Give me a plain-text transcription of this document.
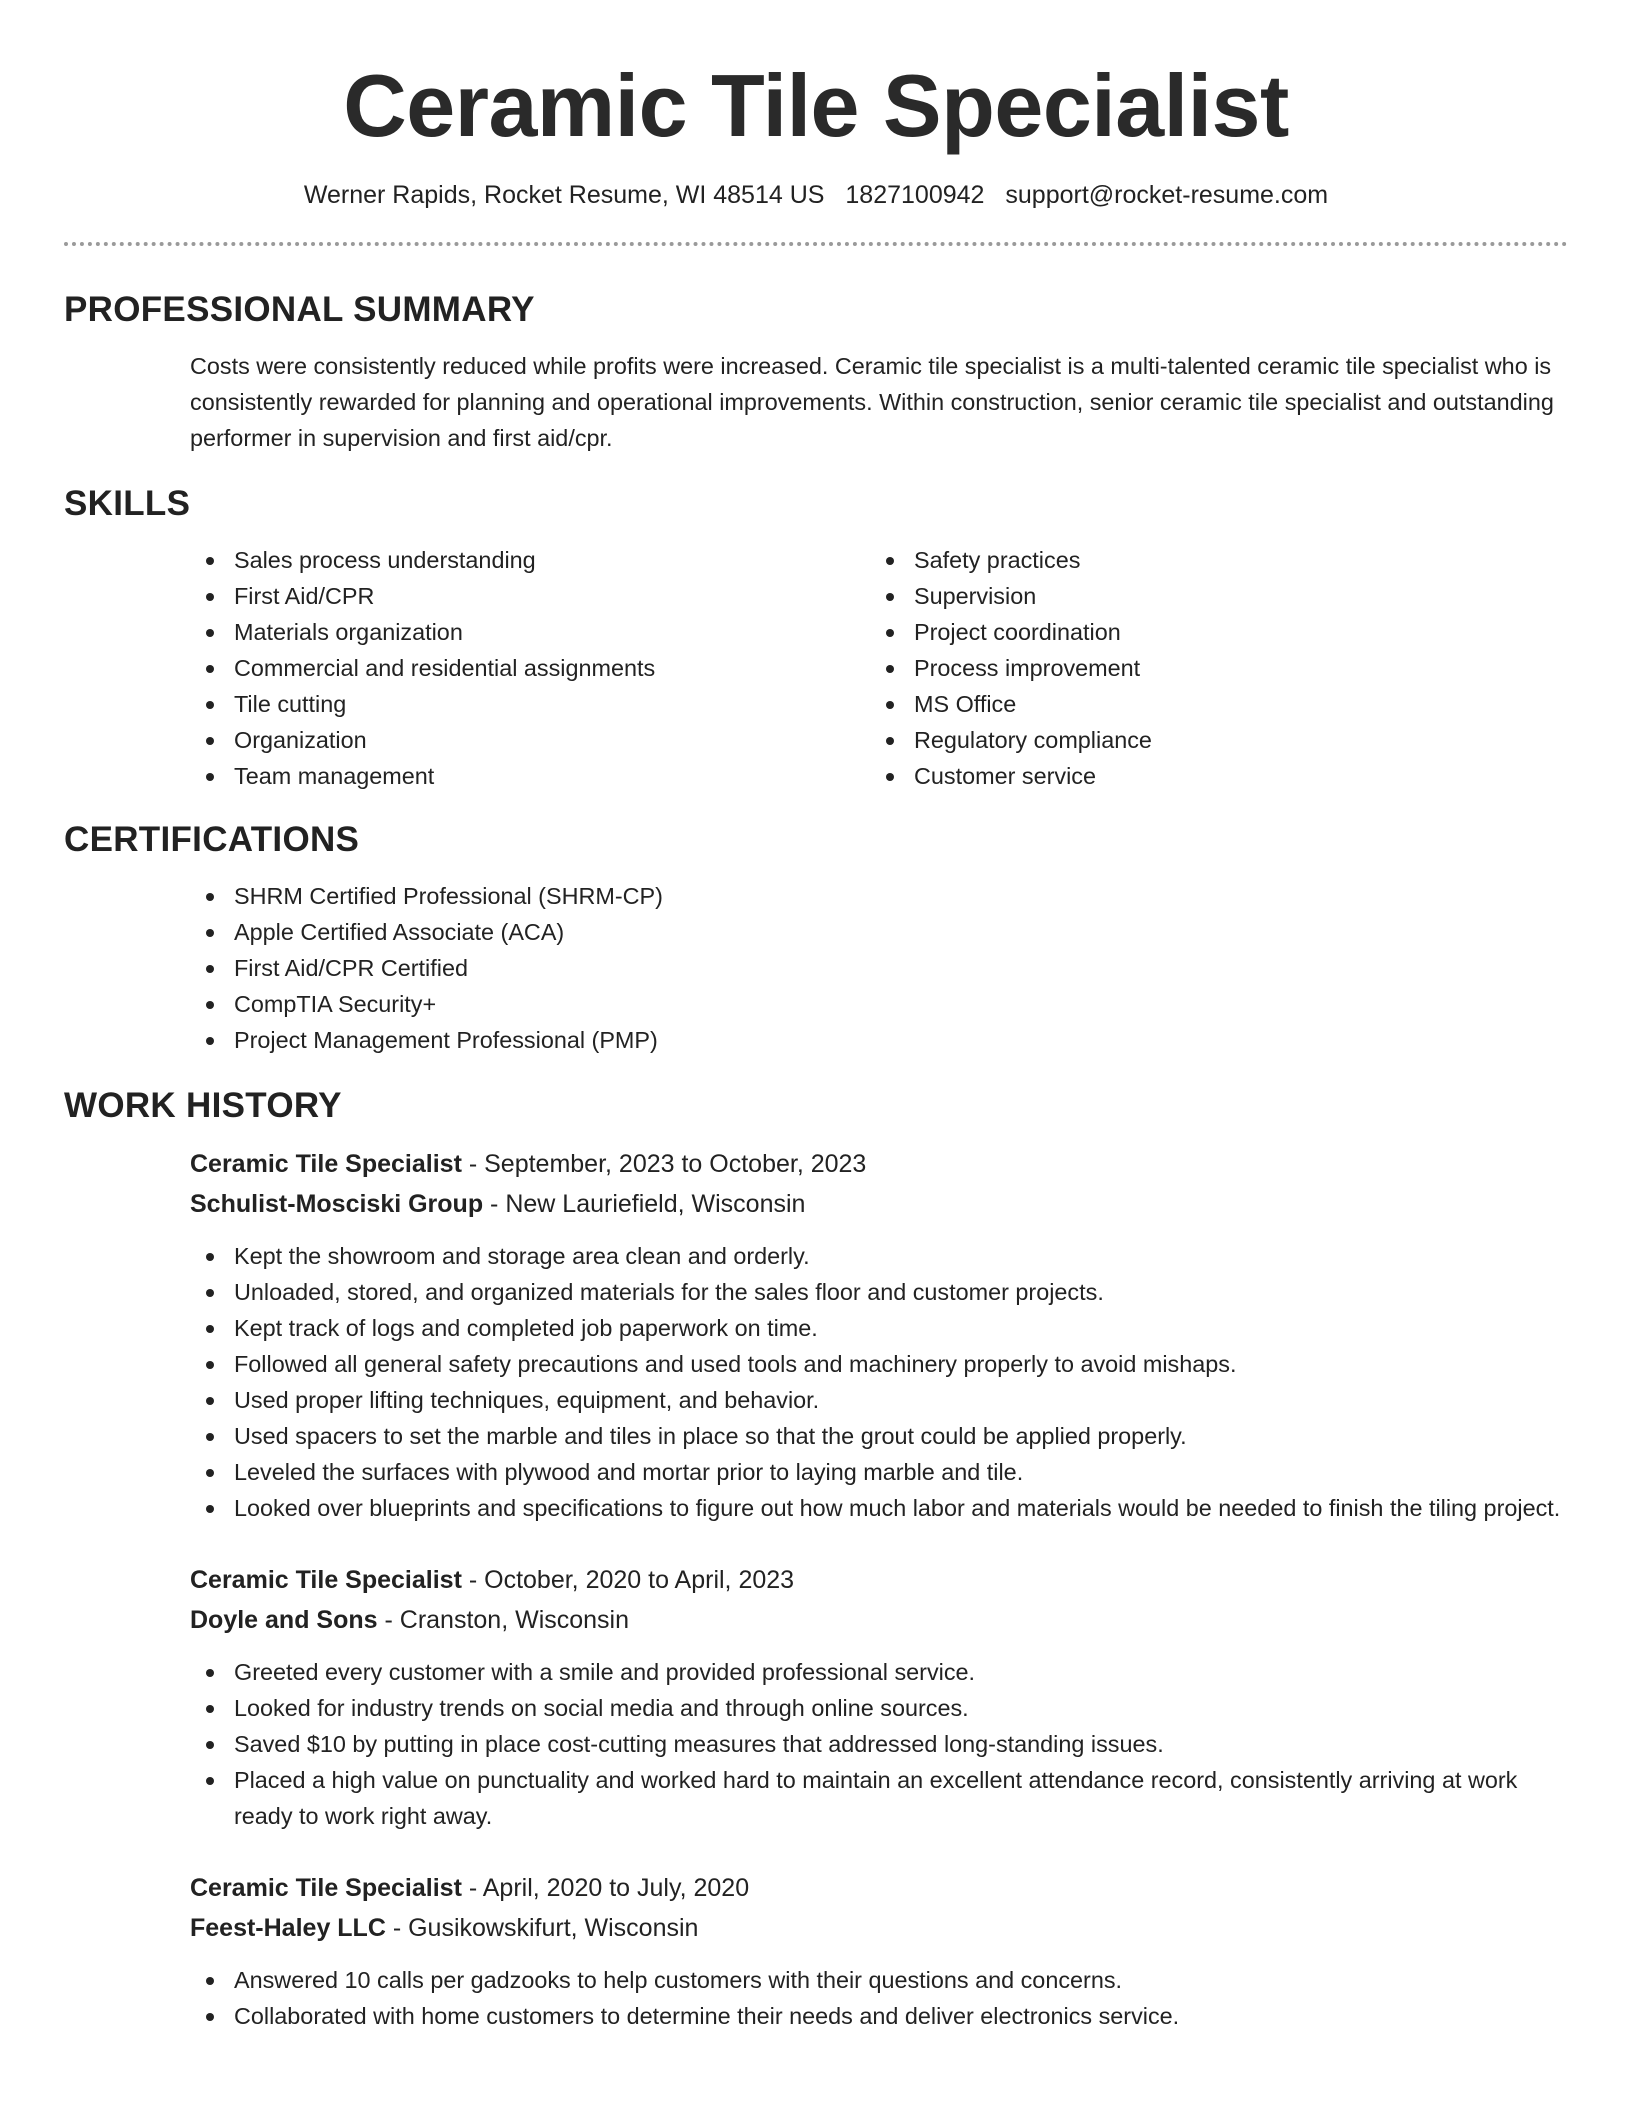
Ceramic Tile Specialist
Werner Rapids, Rocket Resume, WI 48514 US 1827100942 support@rocket-resume.com
PROFESSIONAL SUMMARY

Costs were consistently reduced while profits were increased. Ceramic tile specialist is a multi-talented ceramic tile specialist who is consistently rewarded for planning and operational improvements. Within construction, senior ceramic tile specialist and outstanding performer in supervision and first aid/cpr.

SKILLS
Sales process understanding
First Aid/CPR
Materials organization
Commercial and residential assignments
Tile cutting
Organization
Team management
Safety practices
Supervision
Project coordination
Process improvement
MS Office
Regulatory compliance
Customer service
CERTIFICATIONS
SHRM Certified Professional (SHRM-CP)
Apple Certified Associate (ACA)
First Aid/CPR Certified
CompTIA Security+
Project Management Professional (PMP)
WORK HISTORY
Ceramic Tile Specialist - September, 2023 to October, 2023
Schulist-Mosciski Group - New Lauriefield, Wisconsin
Kept the showroom and storage area clean and orderly.
Unloaded, stored, and organized materials for the sales floor and customer projects.
Kept track of logs and completed job paperwork on time.
Followed all general safety precautions and used tools and machinery properly to avoid mishaps.
Used proper lifting techniques, equipment, and behavior.
Used spacers to set the marble and tiles in place so that the grout could be applied properly.
Leveled the surfaces with plywood and mortar prior to laying marble and tile.
Looked over blueprints and specifications to figure out how much labor and materials would be needed to finish the tiling project.
Ceramic Tile Specialist - October, 2020 to April, 2023
Doyle and Sons - Cranston, Wisconsin
Greeted every customer with a smile and provided professional service.
Looked for industry trends on social media and through online sources.
Saved $10 by putting in place cost-cutting measures that addressed long-standing issues.
Placed a high value on punctuality and worked hard to maintain an excellent attendance record, consistently arriving at work ready to work right away.
Ceramic Tile Specialist - April, 2020 to July, 2020
Feest-Haley LLC - Gusikowskifurt, Wisconsin
Answered 10 calls per gadzooks to help customers with their questions and concerns.
Collaborated with home customers to determine their needs and deliver electronics service.
